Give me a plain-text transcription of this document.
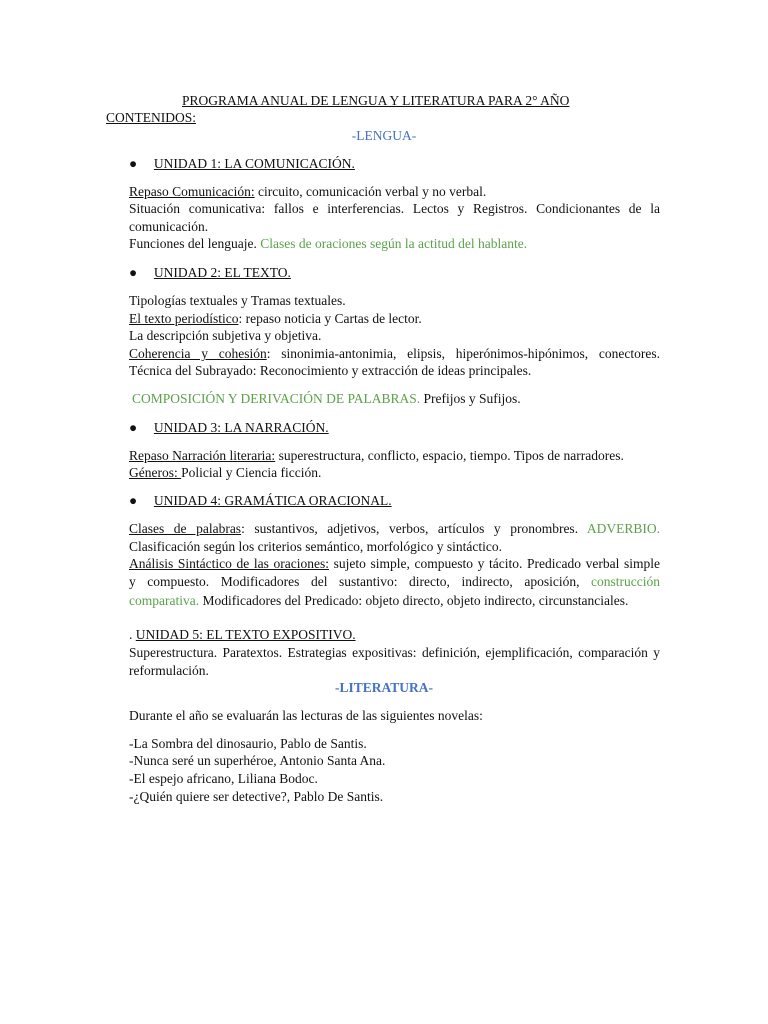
PROGRAMA ANUAL DE LENGUA Y LITERATURA PARA 2° AÑO
CONTENIDOS:
-LENGUA-
● UNIDAD 1: LA COMUNICACIÓN.
Repaso Comunicación: circuito, comunicación verbal y no verbal.
Situación comunicativa: fallos e interferencias. Lectos y Registros. Condicionantes de la
comunicación.
Funciones del lenguaje. Clases de oraciones según la actitud del hablante.
● UNIDAD 2: EL TEXTO.
Tipologías textuales y Tramas textuales.
El texto periodístico: repaso noticia y Cartas de lector.
La descripción subjetiva y objetiva.
Coherencia y cohesión: sinonimia-antonimia, elipsis, hiperónimos-hipónimos, conectores.
Técnica del Subrayado: Reconocimiento y extracción de ideas principales.
COMPOSICIÓN Y DERIVACIÓN DE PALABRAS. Prefijos y Sufijos.
● UNIDAD 3: LA NARRACIÓN.
Repaso Narración literaria: superestructura, conflicto, espacio, tiempo. Tipos de narradores.
Géneros: Policial y Ciencia ficción.
● UNIDAD 4: GRAMÁTICA ORACIONAL.
Clases de palabras: sustantivos, adjetivos, verbos, artículos y pronombres. ADVERBIO.
Clasificación según los criterios semántico, morfológico y sintáctico.
Análisis Sintáctico de las oraciones: sujeto simple, compuesto y tácito. Predicado verbal simple
y compuesto. Modificadores del sustantivo: directo, indirecto, aposición, construcción
comparativa. Modificadores del Predicado: objeto directo, objeto indirecto, circunstanciales.
. UNIDAD 5: EL TEXTO EXPOSITIVO.
Superestructura. Paratextos. Estrategias expositivas: definición, ejemplificación, comparación y
reformulación.
-LITERATURA-
Durante el año se evaluarán las lecturas de las siguientes novelas:
-La Sombra del dinosaurio, Pablo de Santis.
-Nunca seré un superhéroe, Antonio Santa Ana.
-El espejo africano, Liliana Bodoc.
-¿Quién quiere ser detective?, Pablo De Santis.
